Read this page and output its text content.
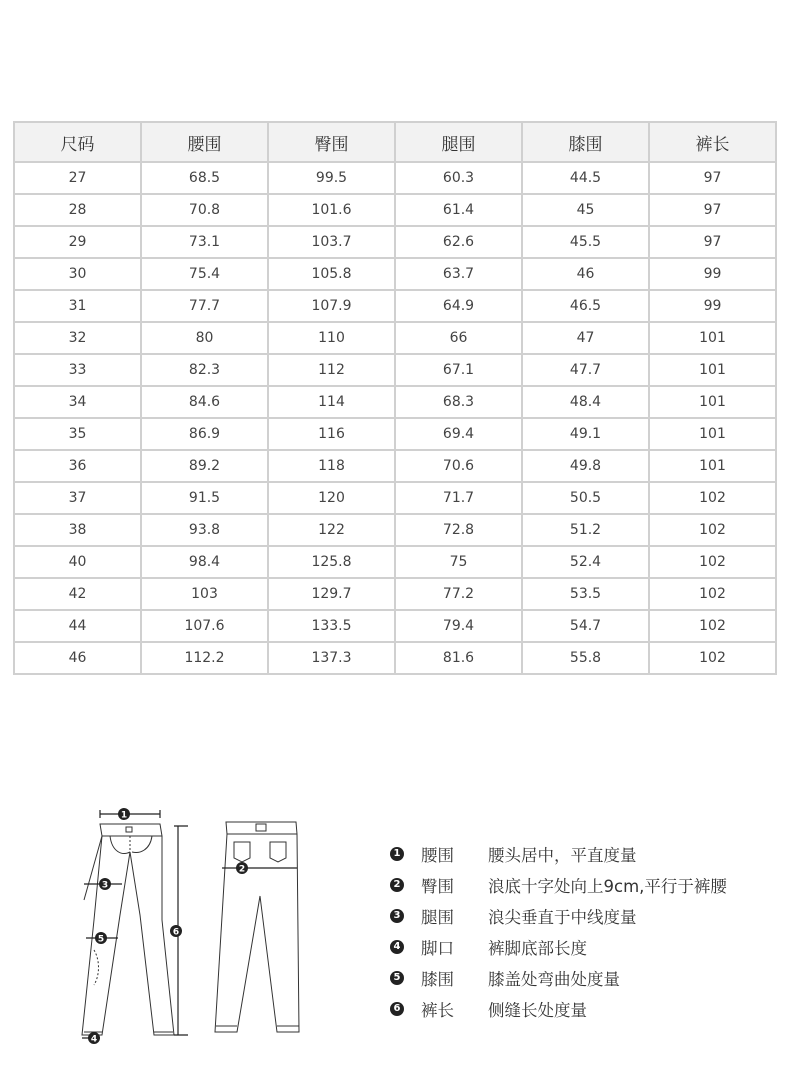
尺码	腰围	臀围	腿围	膝围	裤长
27	68.5	99.5	60.3	44.5	97
28	70.8	101.6	61.4	45	97
29	73.1	103.7	62.6	45.5	97
30	75.4	105.8	63.7	46	99
31	77.7	107.9	64.9	46.5	99
32	80	110	66	47	101
33	82.3	112	67.1	47.7	101
34	84.6	114	68.3	48.4	101
35	86.9	116	69.4	49.1	101
36	89.2	118	70.6	49.8	101
37	91.5	120	71.7	50.5	102
38	93.8	122	72.8	51.2	102
40	98.4	125.8	75	52.4	102
42	103	129.7	77.2	53.5	102
44	107.6	133.5	79.4	54.7	102
46	112.2	137.3	81.6	55.8	102
1
3
5
6
4
2
1 腰围	腰头居中，平直度量
2 臀围	浪底十字处向上9cm,平行于裤腰
3 腿围	浪尖垂直于中线度量
4 脚口	裤脚底部长度
5 膝围	膝盖处弯曲处度量
6 裤长	侧缝长处度量
